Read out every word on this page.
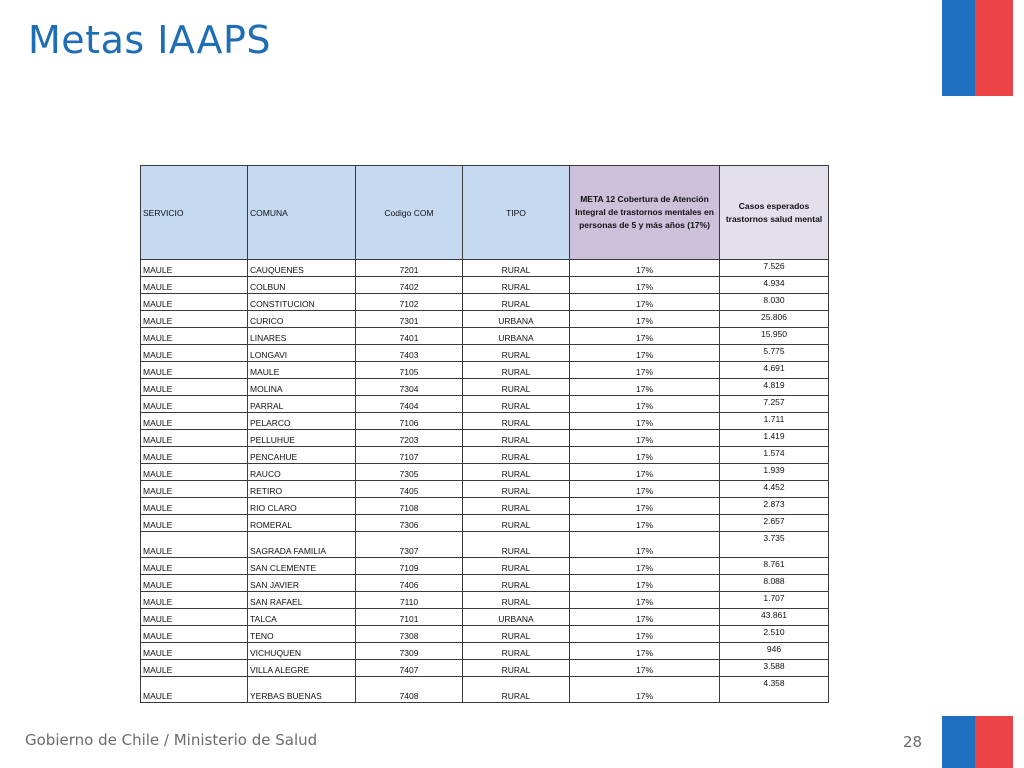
Metas IAAPS
SERVICIO	COMUNA	Codigo COM	TIPO	META 12 Cobertura de Atención Integral de trastornos mentales en personas de 5 y más años (17%)	Casos esperados trastornos salud mental
MAULE	CAUQUENES	7201	RURAL	17%	7.526
MAULE	COLBUN	7402	RURAL	17%	4.934
MAULE	CONSTITUCION	7102	RURAL	17%	8.030
MAULE	CURICO	7301	URBANA	17%	25.806
MAULE	LINARES	7401	URBANA	17%	15.950
MAULE	LONGAVI	7403	RURAL	17%	5.775
MAULE	MAULE	7105	RURAL	17%	4.691
MAULE	MOLINA	7304	RURAL	17%	4.819
MAULE	PARRAL	7404	RURAL	17%	7.257
MAULE	PELARCO	7106	RURAL	17%	1.711
MAULE	PELLUHUE	7203	RURAL	17%	1.419
MAULE	PENCAHUE	7107	RURAL	17%	1.574
MAULE	RAUCO	7305	RURAL	17%	1.939
MAULE	RETIRO	7405	RURAL	17%	4.452
MAULE	RIO CLARO	7108	RURAL	17%	2.873
MAULE	ROMERAL	7306	RURAL	17%	2.657
MAULE	SAGRADA FAMILIA	7307	RURAL	17%	3.735
MAULE	SAN CLEMENTE	7109	RURAL	17%	8.761
MAULE	SAN JAVIER	7406	RURAL	17%	8.088
MAULE	SAN RAFAEL	7110	RURAL	17%	1.707
MAULE	TALCA	7101	URBANA	17%	43.861
MAULE	TENO	7308	RURAL	17%	2.510
MAULE	VICHUQUEN	7309	RURAL	17%	946
MAULE	VILLA ALEGRE	7407	RURAL	17%	3.588
MAULE	YERBAS BUENAS	7408	RURAL	17%	4.358
Gobierno de Chile / Ministerio de Salud	28
